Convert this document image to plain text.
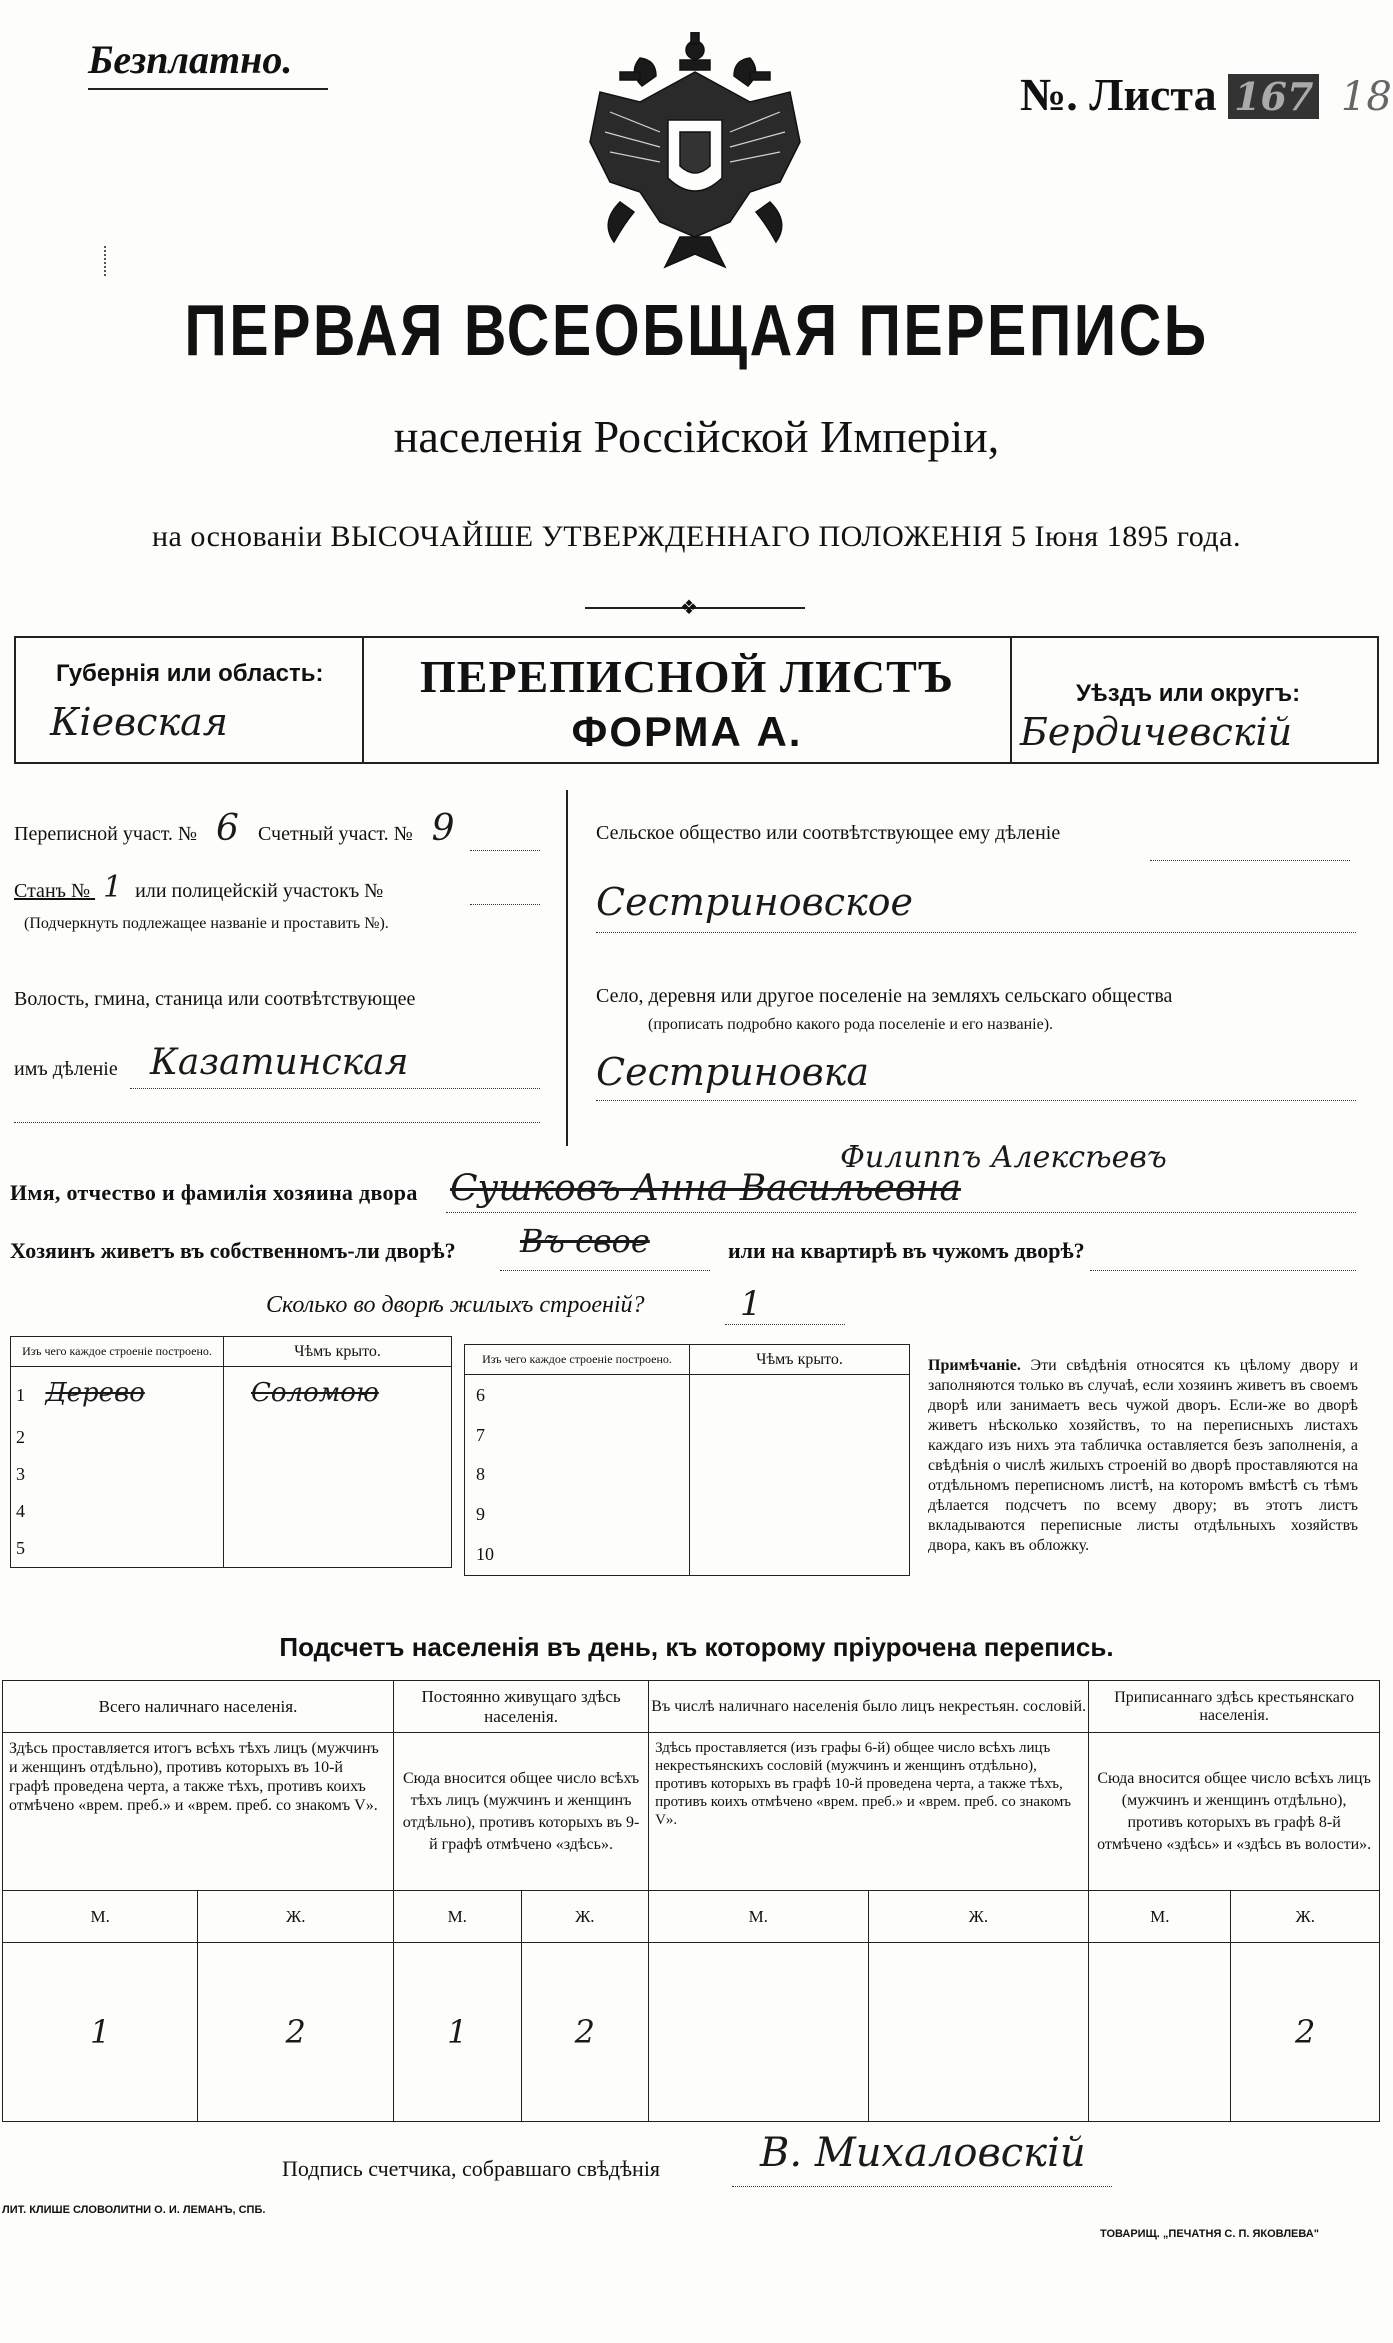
Безплатно.
№. Листа 167 18
ПЕРВАЯ ВСЕОБЩАЯ ПЕРЕПИСЬ
населенія Россійской Имперіи,
на основаніи ВЫСОЧАЙШЕ УТВЕРЖДЕННАГО ПОЛОЖЕНІЯ 5 Іюня 1895 года.
❖
Губернія или область:
Кіевская
ПЕРЕПИСНОЙ ЛИСТЪ
ФОРМА А.
Уѣздъ или округъ:
Бердичевскій
Переписной участ. № 6 Счетный участ. № 9
Станъ № 1 или полицейскій участокъ №
(Подчеркнуть подлежащее названіе и проставить №).
Волость, гмина, станица или соотвѣтствующее
имъ дѣленіе Казатинская
Сельское общество или соотвѣтствующее ему дѣленіе
Сестриновское
Село, деревня или другое поселеніе на земляхъ сельскаго общества
(прописать подробно какого рода поселеніе и его названіе).
Сестриновка
Филиппъ Алексѣевъ
Имя, отчество и фамилія хозяина двора Сушковъ Анна Васильевна
Хозяинъ живетъ въ собственномъ-ли дворѣ? Въ свое	или на квартирѣ въ чужомъ дворѣ?
Сколько во дворѣ жилыхъ строеній?	1
Изъ чего каждое строеніе построено.	Чѣмъ крыто.
1 Дерево	Соломою
2	
3	
4	
5	
Изъ чего каждое строеніе построено.	Чѣмъ крыто.
6	
7	
8	
9	
10	
Примѣчаніе. Эти свѣдѣнія относятся къ цѣлому двору и заполняются только въ случаѣ, если хозяинъ живетъ въ своемъ дворѣ или занимаетъ весь чужой дворъ. Если-же во дворѣ живетъ нѣсколько хозяйствъ, то на переписныхъ листахъ каждаго изъ нихъ эта табличка оставляется безъ заполненія, а свѣдѣнія о числѣ жилыхъ строеній во дворѣ проставляются на отдѣльномъ переписномъ листѣ, на которомъ вмѣстѣ съ тѣмъ дѣлается подсчетъ по всему двору; въ этотъ листъ вкладываются переписные листы отдѣльныхъ хозяйствъ двора, какъ въ обложку.
Подсчетъ населенія въ день, къ которому пріурочена перепись.
Всего наличнаго населенія.		Постоянно живущаго здѣсь населенія.		Въ числѣ наличнаго населенія было лицъ некрестьян. сословій.		Приписаннаго здѣсь крестьянскаго населенія.	
Здѣсь проставляется итогъ всѣхъ тѣхъ лицъ (мужчинъ и женщинъ отдѣльно), противъ которыхъ въ 10-й графѣ проведена черта, а также тѣхъ, противъ коихъ отмѣчено «врем. преб.» и «врем. преб. со знакомъ V».		Сюда вносится общее число всѣхъ тѣхъ лицъ (мужчинъ и женщинъ отдѣльно), противъ которыхъ въ 9-й графѣ отмѣчено «здѣсь».		Здѣсь проставляется (изъ графы 6-й) общее число всѣхъ лицъ некрестьянскихъ сословій (мужчинъ и женщинъ отдѣльно), противъ которыхъ въ графѣ 10-й проведена черта, а также тѣхъ, противъ коихъ отмѣчено «врем. преб.» и «врем. преб. со знакомъ V».		Сюда вносится общее число всѣхъ лицъ (мужчинъ и женщинъ отдѣльно), противъ которыхъ въ графѣ 8-й отмѣчено «здѣсь» и «здѣсь въ волости».	
М.	Ж.	М.	Ж.	М.	Ж.	М.	Ж.
1	2	1	2				2
Подпись счетчика, собравшаго свѣдѣнія В. Михаловскій
ЛИТ. КЛИШЕ СЛОВОЛИТНИ О. И. ЛЕМАНЪ, СПБ.
ТОВАРИЩ. „ПЕЧАТНЯ С. П. ЯКОВЛЕВА"
